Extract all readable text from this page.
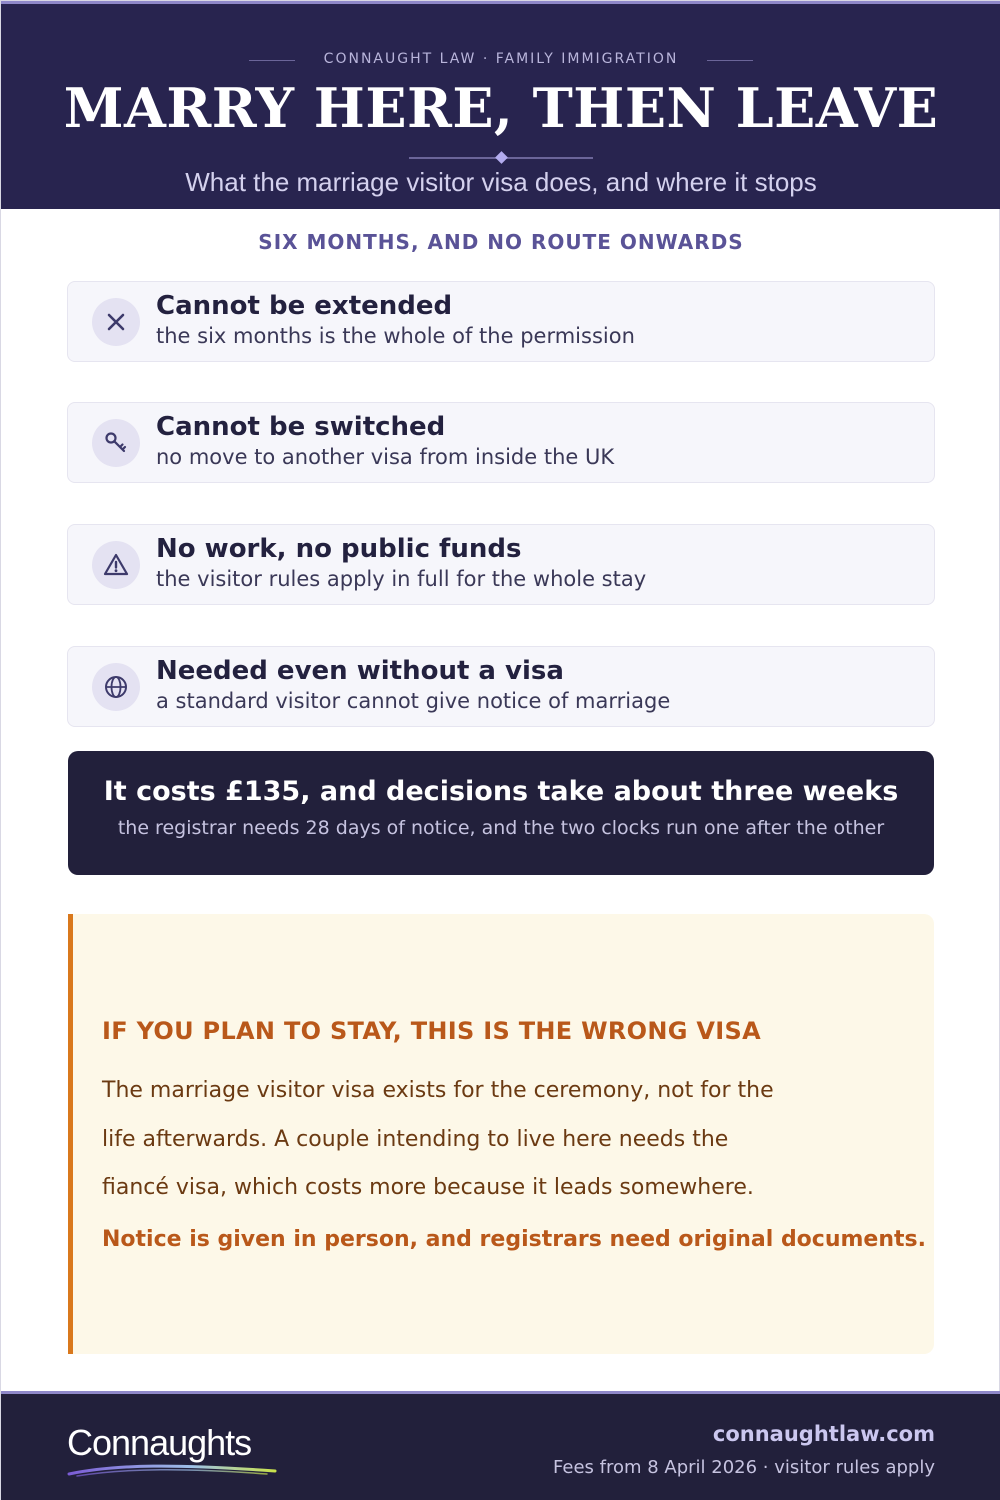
CONNAUGHT LAW · FAMILY IMMIGRATION
MARRY HERE, THEN LEAVE
What the marriage visitor visa does, and where it stops
SIX MONTHS, AND NO ROUTE ONWARDS
Cannot be extended
the six months is the whole of the permission
Cannot be switched
no move to another visa from inside the UK
No work, no public funds
the visitor rules apply in full for the whole stay
Needed even without a visa
a standard visitor cannot give notice of marriage
It costs £135, and decisions take about three weeks
the registrar needs 28 days of notice, and the two clocks run one after the other
IF YOU PLAN TO STAY, THIS IS THE WRONG VISA
The marriage visitor visa exists for the ceremony, not for the life afterwards. A couple intending to live here needs the fiancé visa, which costs more because it leads somewhere.
Notice is given in person, and registrars need original documents.
Connaughts	connaughtlaw.com
Fees from 8 April 2026 · visitor rules apply
